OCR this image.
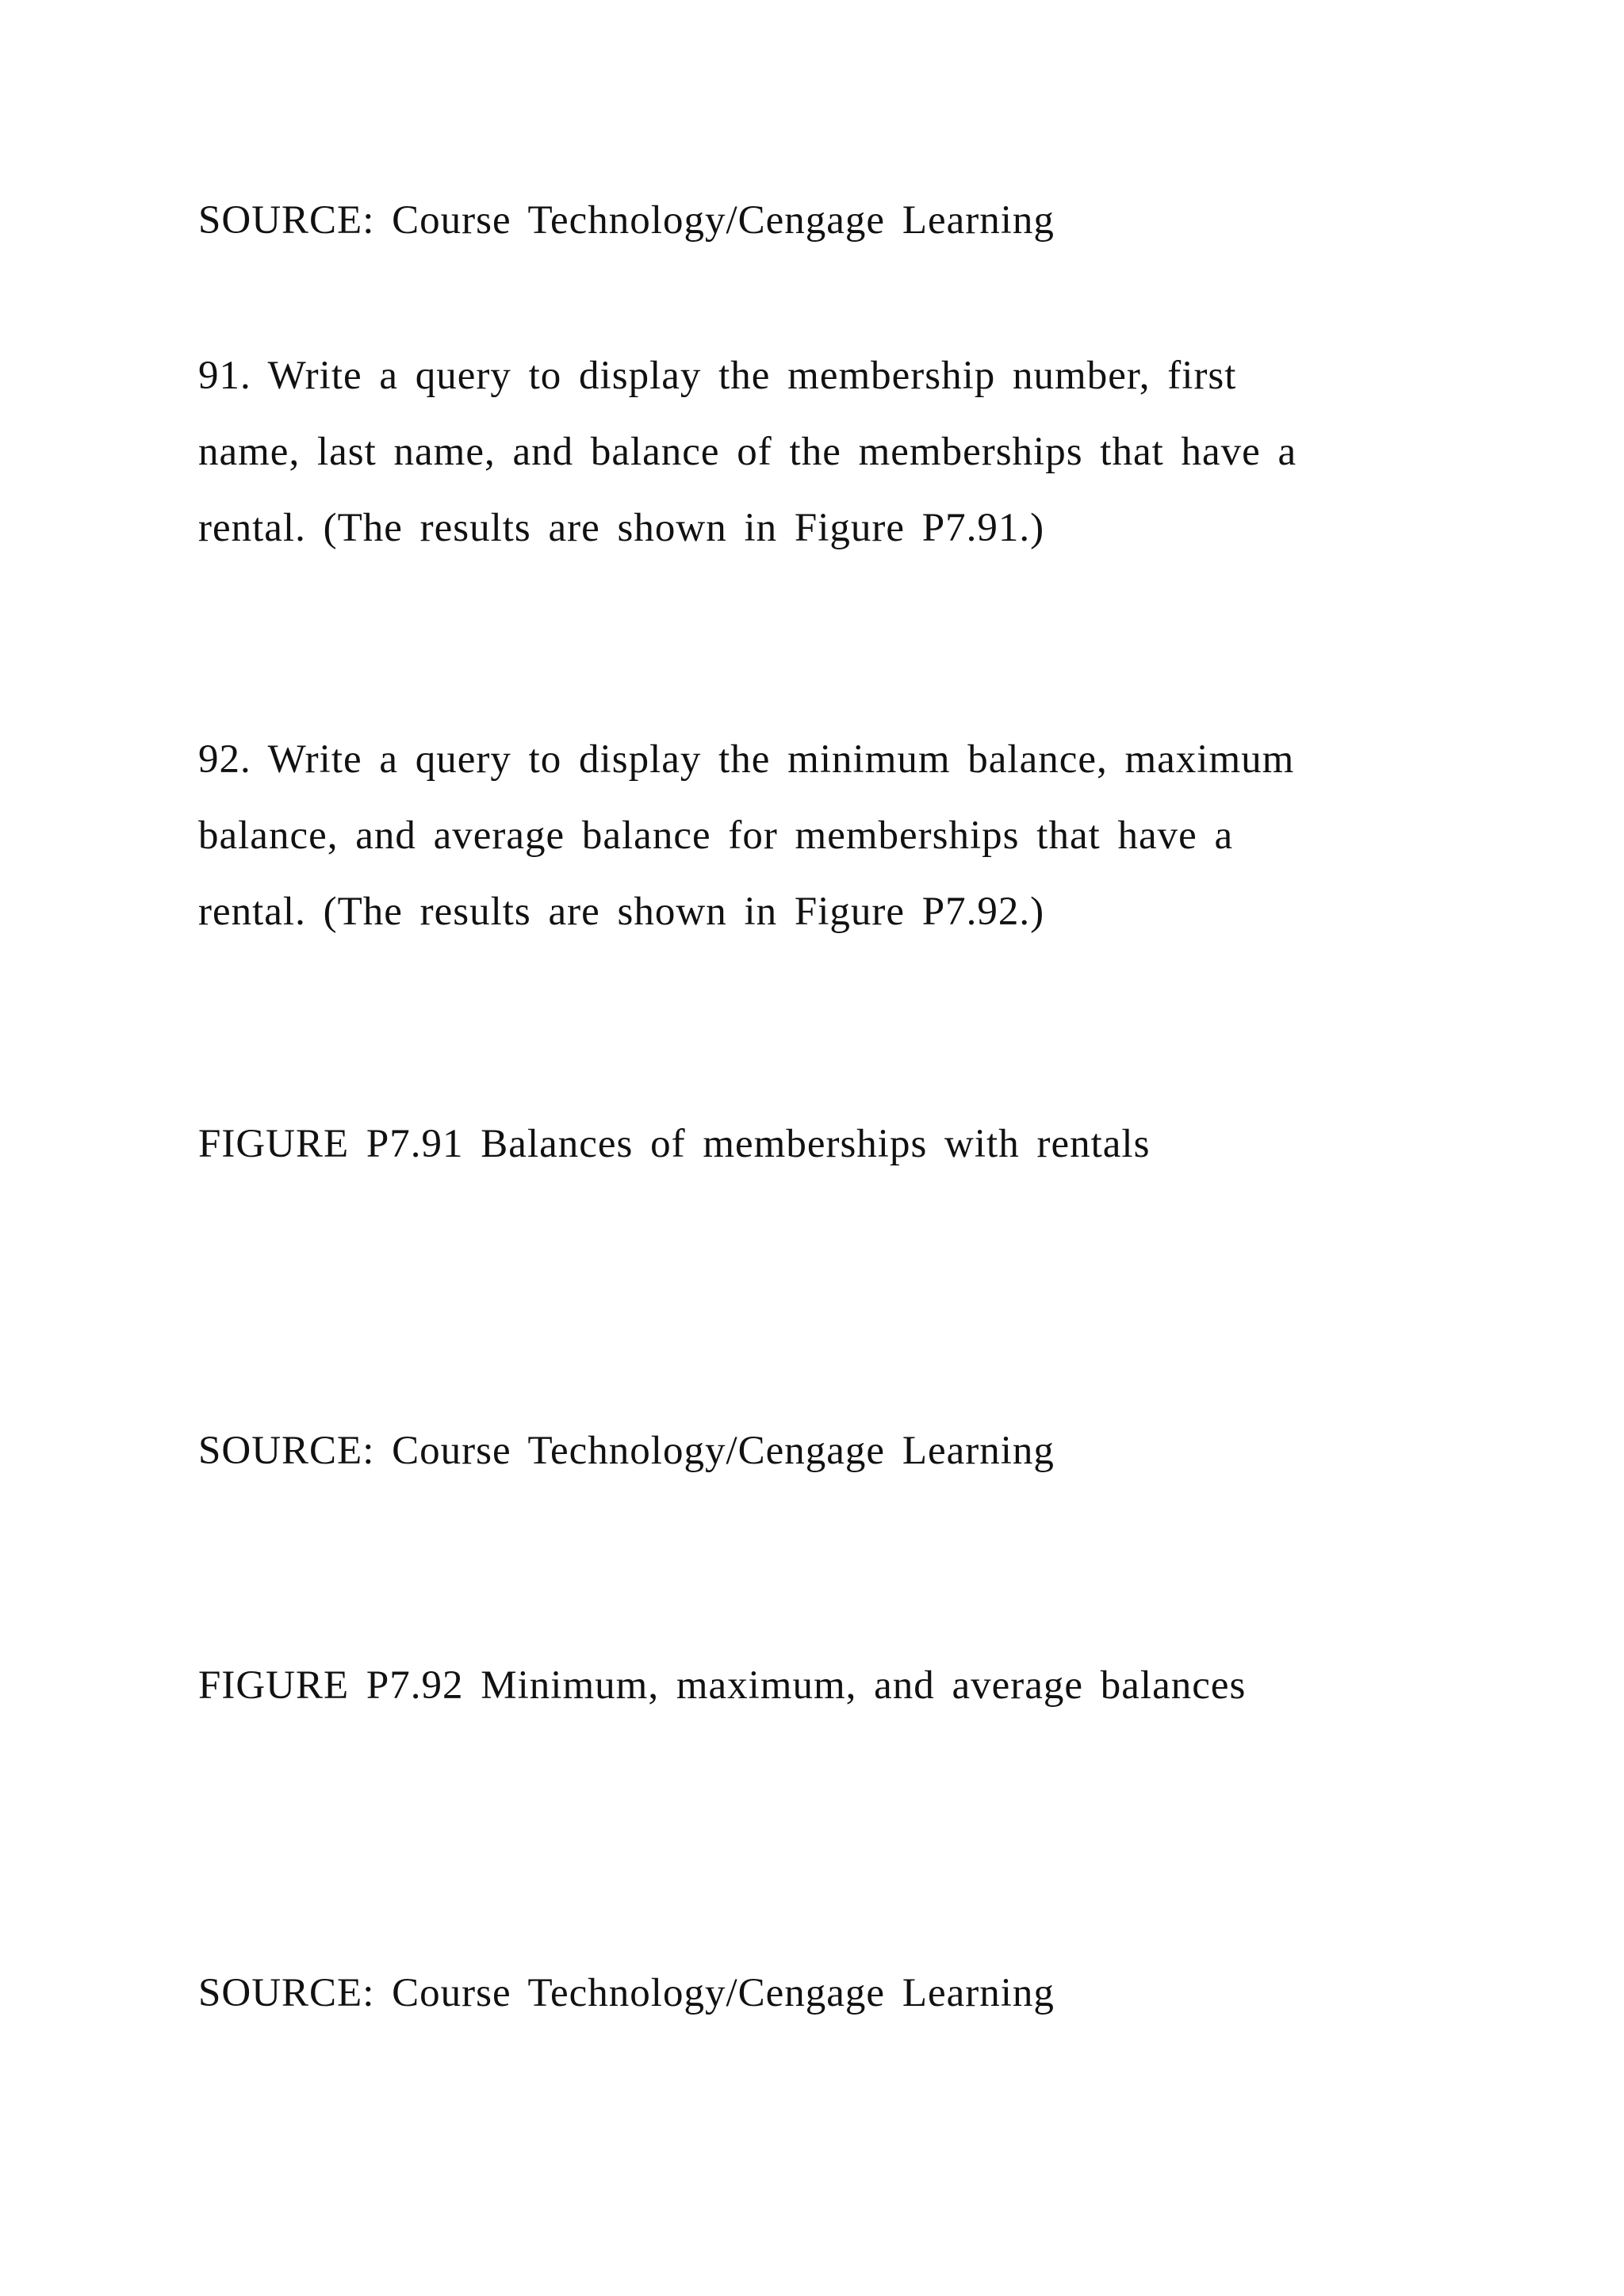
SOURCE: Course Technology/Cengage Learning

91. Write a query to display the membership number, first

name, last name, and balance of the memberships that have a

rental. (The results are shown in Figure P7.91.)

92. Write a query to display the minimum balance, maximum

balance, and average balance for memberships that have a

rental. (The results are shown in Figure P7.92.)

FIGURE P7.91 Balances of memberships with rentals

SOURCE: Course Technology/Cengage Learning

FIGURE P7.92 Minimum, maximum, and average balances

SOURCE: Course Technology/Cengage Learning
